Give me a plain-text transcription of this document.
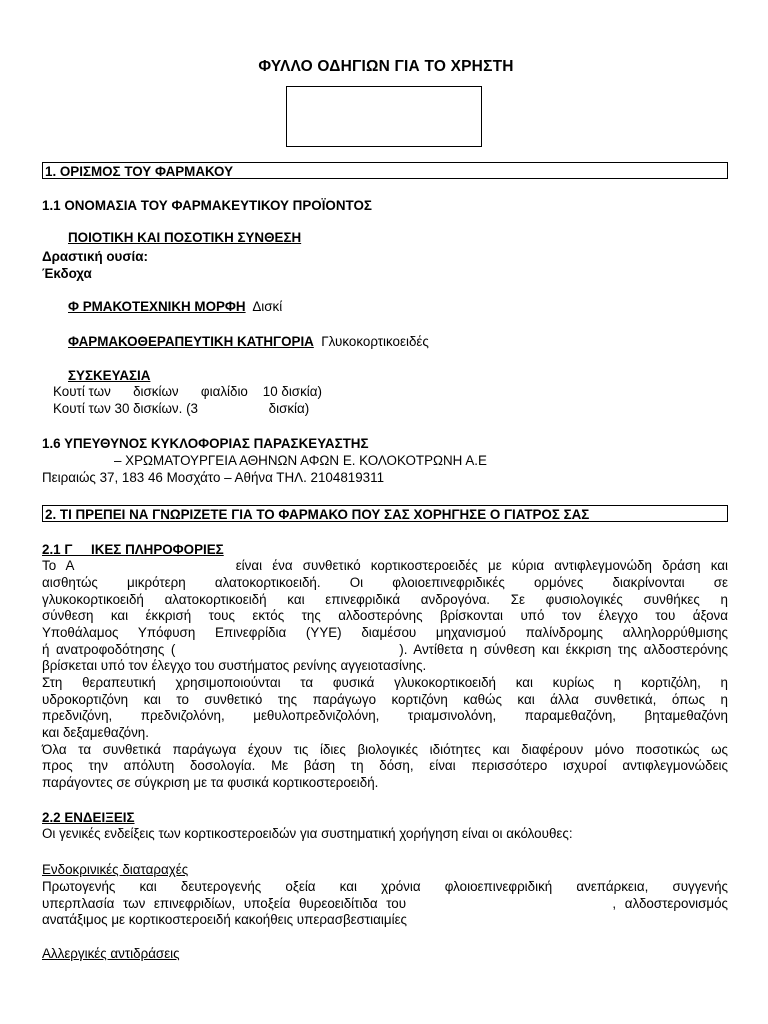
ΦΥΛΛΟ ΟΔΗΓΙΩΝ ΓΙΑ ΤΟ ΧΡΗΣΤΗ
1. ΟΡΙΣΜΟΣ ΤΟΥ ΦΑΡΜΑΚΟΥ
1.1 ΟΝΟΜΑΣΙΑ ΤΟΥ ΦΑΡΜΑΚΕΥΤΙΚΟΥ ΠΡΟΪΟΝΤΟΣ
ΠΟΙΟΤΙΚΗ ΚΑΙ ΠΟΣΟΤΙΚΗ ΣΥΝΘΕΣΗ
Δραστική ουσία:
Έκδοχα
Φ ΡΜΑΚΟΤΕΧΝΙΚΗ ΜΟΡΦΗ Δισκί
ΦΑΡΜΑΚΟΘΕΡΑΠΕΥΤΙΚΗ ΚΑΤΗΓΟΡΙΑ Γλυκοκορτικοειδές
ΣΥΣΚΕΥΑΣΙΑ
Κουτί των      δισκίων      φιαλίδιο    10 δισκία)
Κουτί των 30 δισκίων. (3                   δισκία)
1.6 ΥΠΕΥΘΥΝΟΣ ΚΥΚΛΟΦΟΡΙΑΣ ΠΑΡΑΣΚΕΥΑΣΤΗΣ
– ΧΡΩΜΑΤΟΥΡΓΕΙΑ ΑΘΗΝΩΝ ΑΦΩΝ Ε. ΚΟΛΟΚΟΤΡΩΝΗ Α.Ε
Πειραιώς 37, 183 46 Μοσχάτο – Αθήνα ΤΗΛ. 2104819311
2. ΤΙ ΠΡΕΠΕΙ ΝΑ ΓΝΩΡΙΖΕΤΕ ΓΙΑ ΤΟ ΦΑΡΜΑΚΟ ΠΟΥ ΣΑΣ ΧΟΡΗΓΗΣΕ Ο ΓΙΑΤΡΟΣ ΣΑΣ
2.1 Γ     ΙΚΕΣ ΠΛΗΡΟΦΟΡΙΕΣ
Το Α                είναι ένα συνθετικό κορτικοστεροειδές με κύρια αντιφλεγμονώδη δράση και
αισθητώς μικρότερη αλατοκορτικοειδή. Οι φλοιοεπινεφριδικές ορμόνες διακρίνονται σε
γλυκοκορτικοειδή αλατοκορτικοειδή και επινεφριδικά ανδρογόνα. Σε φυσιολογικές συνθήκες η
σύνθεση και έκκρισή τους εκτός της αλδοστερόνης βρίσκονται υπό τον έλεγχο του άξονα
Υποθάλαμος Υπόφυση Επινεφρίδια (ΥΥΕ) διαμέσου μηχανισμού παλίνδρομης αλληλορρύθμισης
ή ανατροφοδότησης (                                  ). Αντίθετα η σύνθεση και έκκριση της αλδοστερόνης
βρίσκεται υπό τον έλεγχο του συστήματος ρενίνης αγγειοτασίνης.
Στη θεραπευτική χρησιμοποιούνται τα φυσικά γλυκοκορτικοειδή και κυρίως η κορτιζόλη, η
υδροκορτιζόνη και το συνθετικό της παράγωγο κορτιζόνη καθώς και άλλα συνθετικά, όπως η
πρεδνιζόνη, πρεδνιζολόνη, μεθυλοπρεδνιζολόνη, τριαμσινολόνη, παραμεθαζόνη, βηταμεθαζόνη
και δεξαμεθαζόνη.
Όλα τα συνθετικά παράγωγα έχουν τις ίδιες βιολογικές ιδιότητες και διαφέρουν μόνο ποσοτικώς ως
προς την απόλυτη δοσολογία. Με βάση τη δόση, είναι περισσότερο ισχυροί αντιφλεγμονώδεις
παράγοντες σε σύγκριση με τα φυσικά κορτικοστεροειδή.
2.2 ΕΝΔΕΙΞΕΙΣ
Οι γενικές ενδείξεις των κορτικοστεροειδών για συστηματική χορήγηση είναι οι ακόλουθες:
Ενδοκρινικές διαταραχές
Πρωτογενής και δευτερογενής οξεία και χρόνια φλοιοεπινεφριδική ανεπάρκεια, συγγενής
υπερπλασία των επινεφριδίων, υποξεία θυρεοειδίτιδα του                        , αλδοστερονισμός
ανατάξιμος με κορτικοστεροειδή κακοήθεις υπερασβεστιαιμίες
Αλλεργικές αντιδράσεις
